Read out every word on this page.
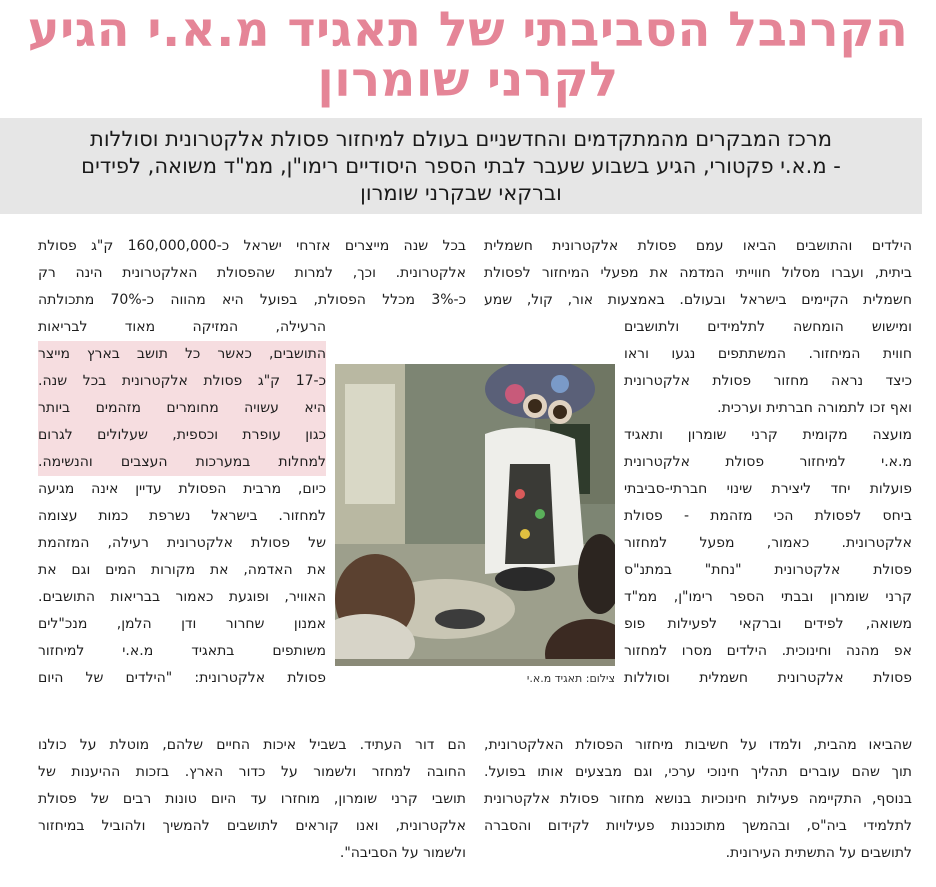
הקרנבל הסביבתי של תאגיד מ.א.י הגיע
לקרני שומרון
מרכז המבקרים מהמתקדמים והחדשניים בעולם למיחזור פסולת אלקטרונית וסוללות
- מ.א.י פקטורי, הגיע בשבוע שעבר לבתי הספר היסודיים רימו"ן, ממ"ד משואה, לפידים
וברקאי שבקרני שומרון
הילדים והתושבים הביאו עמם פסולת אלקטרונית חשמלית
ביתית, ועברו מסלול חווייתי המדמה את מפעלי המיחזור לפסולת
חשמלית הקיימים בישראל ובעולם. באמצעות אור, קול, שמע
ומישוש הומחשה לתלמידים ולתושבים
חווית המיחזור. המשתתפים נגעו וראו
כיצד נראה מחזור פסולת אלקטרונית
ואף זכו לתמורה חברתית וערכית.
מועצה מקומית קרני שומרון ותאגיד
מ.א.י למיחזור פסולת אלקטרונית
פועלות יחד ליצירת שינוי חברתי-סביבתי
ביחס לפסולת הכי מזהמת - פסולת
אלקטרונית. כאמור, מפעל למחזור
פסולת אלקטרונית "נחת" במתנ"ס
קרני שומרון ובבתי הספר רימו"ן, ממ"ד
משואה, לפידים וברקאי לפעילות פופ
אפ מהנה וחינוכית. הילדים מסרו למחזור
פסולת אלקטרונית חשמלית וסוללות
שהביאו מהבית, ולמדו על חשיבות מיחזור הפסולת האלקטרונית,
תוך שהם עוברים תהליך חינוכי ערכי, וגם מבצעים אותו בפועל.
בנוסף, התקיימה פעילות חינוכיות בנושא מחזור פסולת אלקטרונית
לתלמידי ביה"ס, ובהמשך מתוכננות פעילויות לקידום והסברה
לתושבים על התשתית העירונית.
בכל שנה מייצרים אזרחי ישראל כ-160,000,000 ק"ג פסולת
אלקטרונית. וכך, למרות שהפסולת האלקטרונית הינה רק
כ-3% מכלל הפסולת, בפועל היא מהווה כ-70% מתכולתה
הרעילה, המזיקה מאוד לבריאות
התושבים, כאשר כל תושב בארץ מייצר
כ-17 ק"ג פסולת אלקטרונית בכל שנה.
היא עשויה מחומרים מזהמים ביותר
כגון עופרת וכספית, שעלולים לגרום
למחלות במערכות העצבים והנשימה.
כיום, מרבית הפסולת עדיין אינה מגיעה
למחזור. בישראל נשרפת כמות עצומה
של פסולת אלקטרונית רעילה, המזהמת
את האדמה, את מקורות המים וגם את
האוויר, ופוגעת כאמור בבריאות התושבים.
אמנון שחרור ודן הלמן, מנכ"לים
משותפים בתאגיד מ.א.י למיחזור
פסולת אלקטרונית: "הילדים של היום
הם דור העתיד. בשביל איכות החיים שלהם, מוטלת על כולנו
החובה למחזר ולשמור על כדור הארץ. בזכות ההיענות של
תושבי קרני שומרון, מוחזרו עד היום טונות רבים של פסולת
אלקטרונית, ואנו קוראים לתושבים להמשיך ולהוביל במיחזור
ולשמור על הסביבה".
צילום: תאגיד מ.א.י
